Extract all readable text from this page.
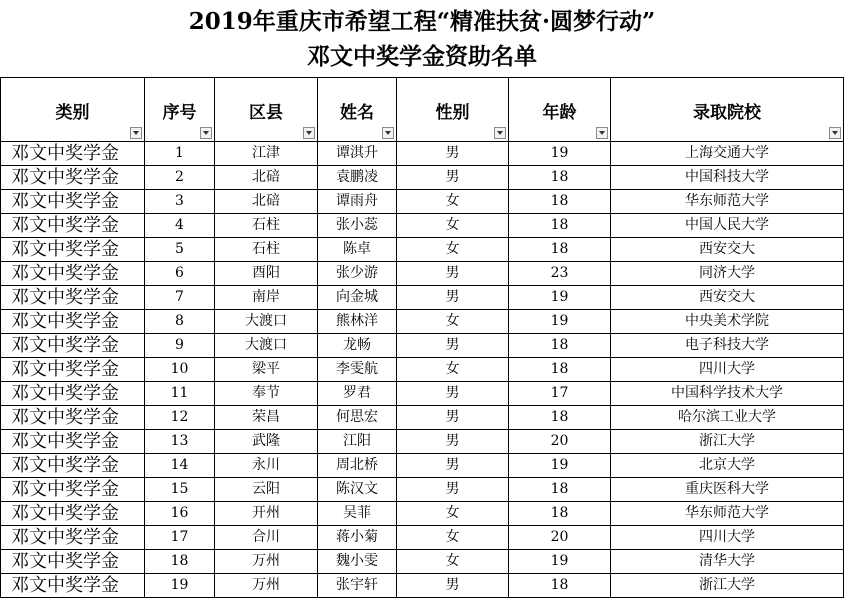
2019年重庆市希望工程“精准扶贫·圆梦行动”
邓文中奖学金资助名单
类别	序号	区县	姓名	性别	年龄	录取院校

邓文中奖学金	1	江津	谭淇升	男	19	上海交通大学
邓文中奖学金	2	北碚	袁鹏凌	男	18	中国科技大学
邓文中奖学金	3	北碚	谭雨舟	女	18	华东师范大学
邓文中奖学金	4	石柱	张小蕊	女	18	中国人民大学
邓文中奖学金	5	石柱	陈卓	女	18	西安交大
邓文中奖学金	6	酉阳	张少游	男	23	同济大学
邓文中奖学金	7	南岸	向金城	男	19	西安交大
邓文中奖学金	8	大渡口	熊林洋	女	19	中央美术学院
邓文中奖学金	9	大渡口	龙畅	男	18	电子科技大学
邓文中奖学金	10	梁平	李雯航	女	18	四川大学
邓文中奖学金	11	奉节	罗君	男	17	中国科学技术大学
邓文中奖学金	12	荣昌	何思宏	男	18	哈尔滨工业大学
邓文中奖学金	13	武隆	江阳	男	20	浙江大学
邓文中奖学金	14	永川	周北桥	男	19	北京大学
邓文中奖学金	15	云阳	陈汉文	男	18	重庆医科大学
邓文中奖学金	16	开州	吴菲	女	18	华东师范大学
邓文中奖学金	17	合川	蒋小菊	女	20	四川大学
邓文中奖学金	18	万州	魏小雯	女	19	清华大学
邓文中奖学金	19	万州	张宇轩	男	18	浙江大学
